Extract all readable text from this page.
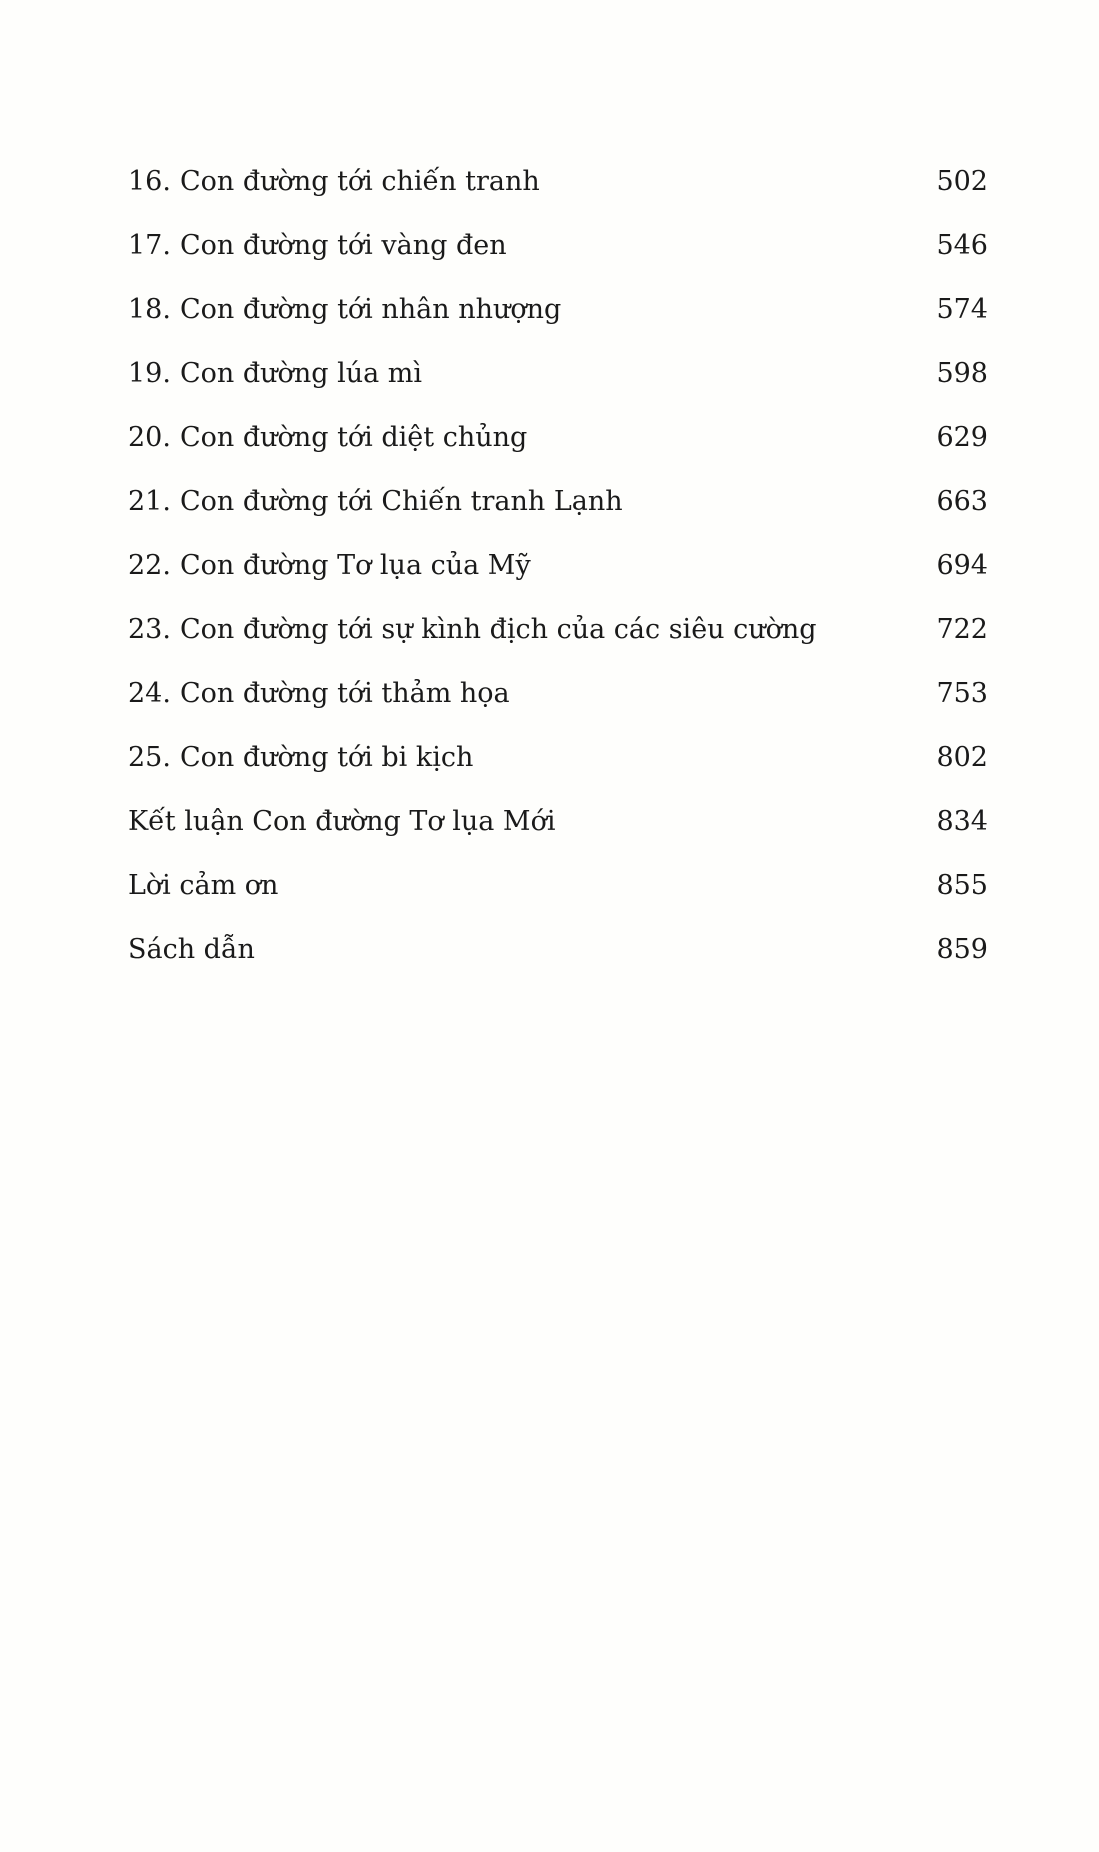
16. Con đường tới chiến tranh	502
17. Con đường tới vàng đen	546
18. Con đường tới nhân nhượng	574
19. Con đường lúa mì	598
20. Con đường tới diệt chủng	629
21. Con đường tới Chiến tranh Lạnh	663
22. Con đường Tơ lụa của Mỹ	694
23. Con đường tới sự kình địch của các siêu cường	722
24. Con đường tới thảm họa	753
25. Con đường tới bi kịch	802
Kết luận Con đường Tơ lụa Mới	834
Lời cảm ơn	855
Sách dẫn	859
